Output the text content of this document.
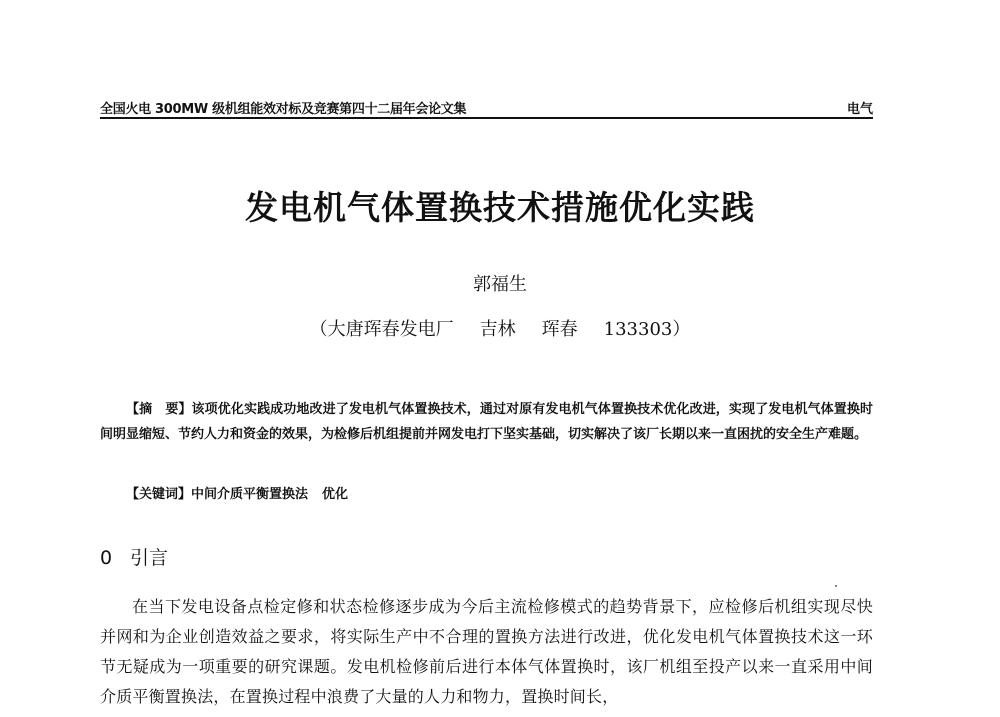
全国火电 300MW 级机组能效对标及竞赛第四十二届年会论文集	电气
发电机气体置换技术措施优化实践
郭福生
（大唐珲春发电厂 吉林 珲春 133303）

【摘　要】该项优化实践成功地改进了发电机气体置换技术，通过对原有发电机气体置换技术优化改进，实现了发电机气体置换时间明显缩短、节约人力和资金的效果，为检修后机组提前并网发电打下坚实基础，切实解决了该厂长期以来一直困扰的安全生产难题。

【关键词】中间介质平衡置换法 优化
0 引言

在当下发电设备点检定修和状态检修逐步成为今后主流检修模式的趋势背景下，应检修后机组实现尽快并网和为企业创造效益之要求，将实际生产中不合理的置换方法进行改进，优化发电机气体置换技术这一环节无疑成为一项重要的研究课题。发电机检修前后进行本体气体置换时，该厂机组至投产以来一直采用中间介质平衡置换法，在置换过程中浪费了大量的人力和物力，置换时间长，
